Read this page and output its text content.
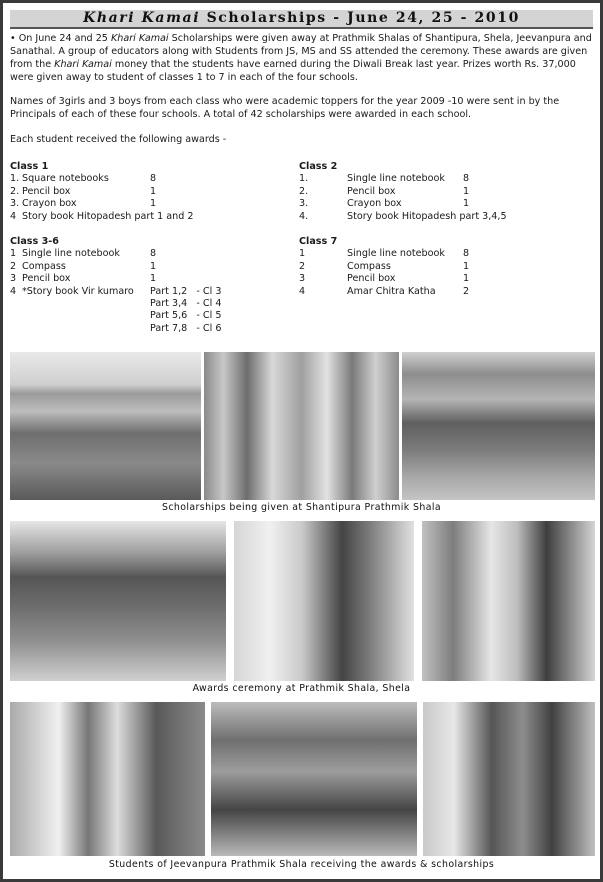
Khari Kamai Scholarships - June 24, 25 - 2010
• On June 24 and 25 Khari Kamai Scholarships were given away at Prathmik Shalas of Shantipura, Shela, Jeevanpura and Sanathal. A group of educators along with Students from JS, MS and SS attended the ceremony. These awards are given from the Khari Kamai money that the students have earned during the Diwali Break last year. Prizes worth Rs. 37,000 were given away to student of classes 1 to 7 in each of the four schools.
Names of 3girls and 3 boys from each class who were academic toppers for the year 2009 -10 were sent in by the Principals of each of these four schools. A total of 42 scholarships were awarded in each school.
Each student received the following awards -
Class 1
1. Square notebooks	8
2. Pencil box	1
3. Crayon box	1
4 Story book Hitopadesh part 1 and 2
Class 2
1.	Single line notebook	8
2.	Pencil box	1
3.	Crayon box	1
4.	Story book Hitopadesh part 3,4,5
Class 3-6
1 Single line notebook	8
2 Compass	1
3 Pencil box	1
4 *Story book Vir kumaro	Part 1,2   - Cl 3
Part 3,4   - Cl 4
Part 5,6   - Cl 5
Part 7,8   - Cl 6
Class 7
1	Single line notebook	8
2	Compass	1
3	Pencil box	1
4	Amar Chitra Katha	2
Scholarships being given at Shantipura Prathmik Shala
Awards ceremony at Prathmik Shala, Shela
Students of Jeevanpura Prathmik Shala receiving the awards & scholarships
